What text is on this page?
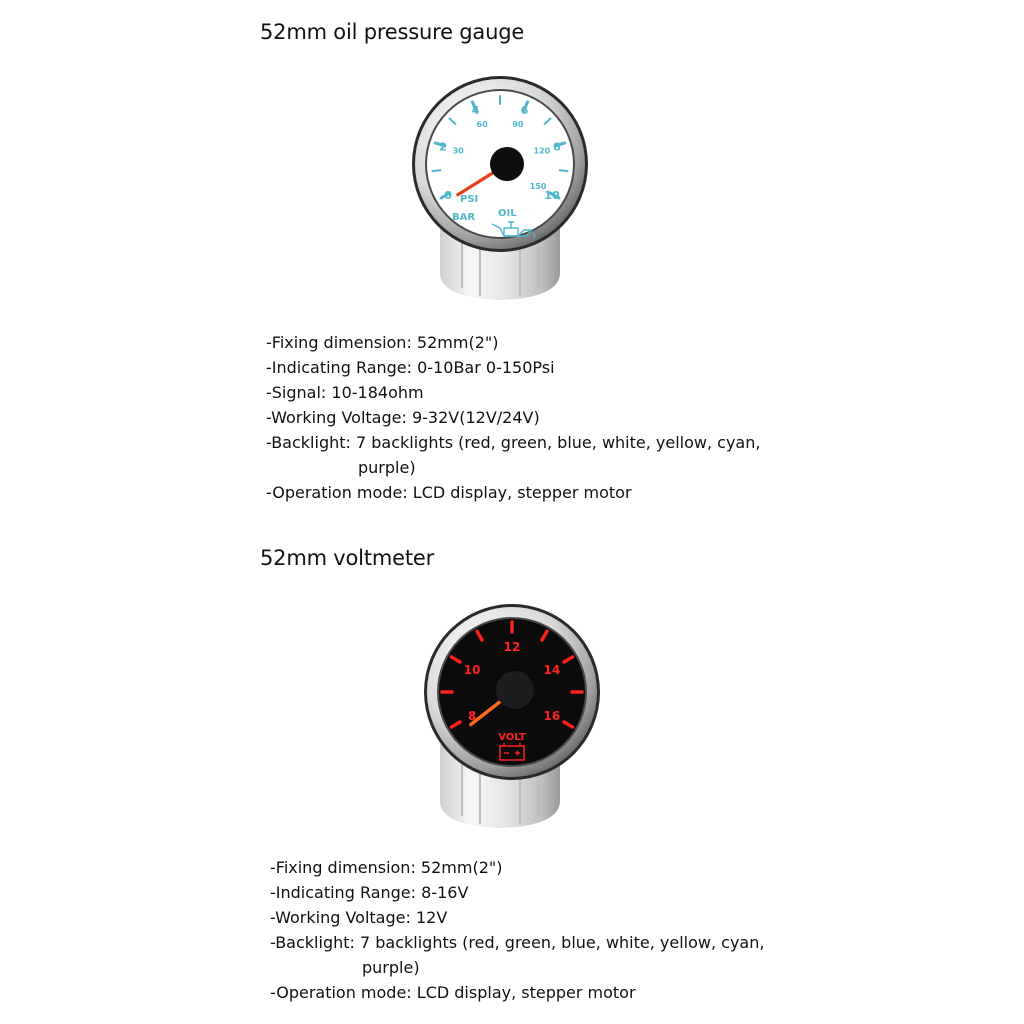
52mm oil pressure gauge
0
2
4	6
8
10
30
60	90
120
150
PSI
BAR OIL
-Fixing dimension: 52mm(2")
-Indicating Range: 0-10Bar 0-150Psi
-Signal: 10-184ohm
-Working Voltage: 9-32V(12V/24V)
-Backlight: 7 backlights (red, green, blue, white, yellow, cyan,
purple)
-Operation mode: LCD display, stepper motor
52mm voltmeter
8
10
12
14
16
VOLT
-Fixing dimension: 52mm(2")
-Indicating Range: 8-16V
-Working Voltage: 12V
-Backlight: 7 backlights (red, green, blue, white, yellow, cyan,
purple)
-Operation mode: LCD display, stepper motor
